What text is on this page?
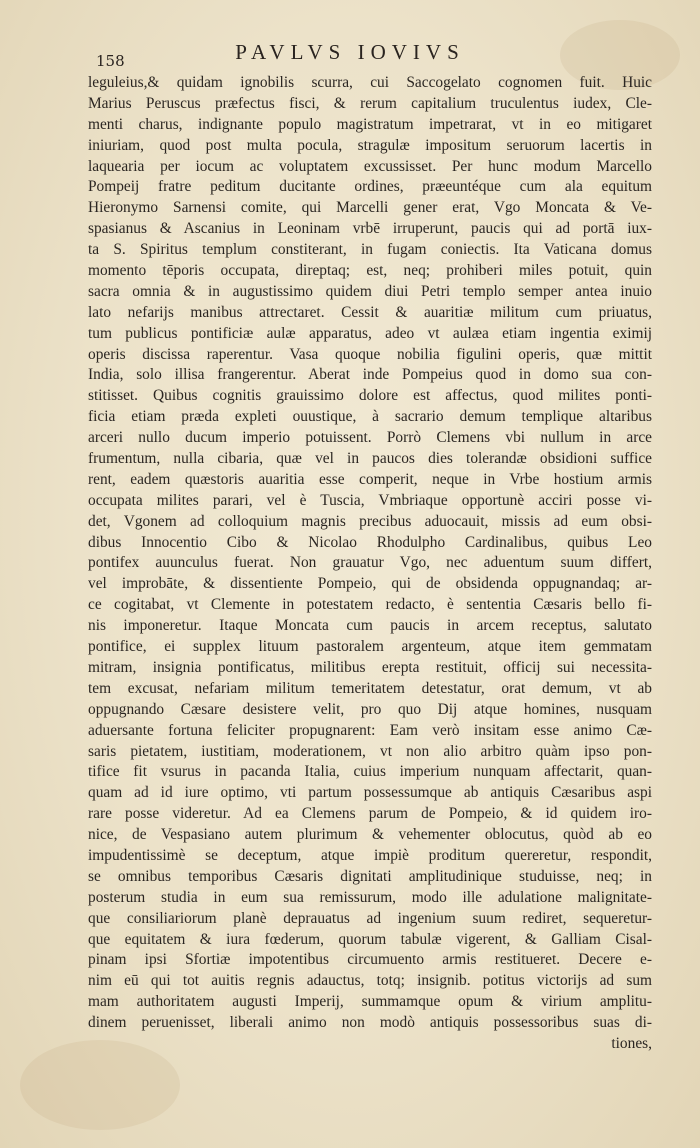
158	PAVLVS IOVIVS
leguleius,& quidam ignobilis scurra, cui Saccogelato cognomen fuit. Huic
Marius Peruscus præfectus fisci, & rerum capitalium truculentus iudex, Cle-
menti charus, indignante populo magistratum impetrarat, vt in eo mitigaret
iniuriam, quod post multa pocula, stragulæ impositum seruorum lacertis in
laquearia per iocum ac voluptatem excussisset. Per hunc modum Marcello
Pompeij fratre peditum ducitante ordines, præeuntéque cum ala equitum
Hieronymo Sarnensi comite, qui Marcelli gener erat, Vgo Moncata & Ve-
spasianus & Ascanius in Leoninam vrbē irruperunt, paucis qui ad portā iux-
ta S. Spiritus templum constiterant, in fugam coniectis. Ita Vaticana domus
momento tēporis occupata, direptaq; est, neq; prohiberi miles potuit, quin
sacra omnia & in augustissimo quidem diui Petri templo semper antea inuio
lato nefarijs manibus attrectaret. Cessit & auaritiæ militum cum priuatus,
tum publicus pontificiæ aulæ apparatus, adeo vt aulæa etiam ingentia eximij
operis discissa raperentur. Vasa quoque nobilia figulini operis, quæ mittit
India, solo illisa frangerentur. Aberat inde Pompeius quod in domo sua con-
stitisset. Quibus cognitis grauissimo dolore est affectus, quod milites ponti-
ficia etiam præda expleti ouustique, à sacrario demum templique altaribus
arceri nullo ducum imperio potuissent. Porrò Clemens vbi nullum in arce
frumentum, nulla cibaria, quæ vel in paucos dies tolerandæ obsidioni suffice
rent, eadem quæstoris auaritia esse comperit, neque in Vrbe hostium armis
occupata milites parari, vel è Tuscia, Vmbriaque opportunè acciri posse vi-
det, Vgonem ad colloquium magnis precibus aduocauit, missis ad eum obsi-
dibus Innocentio Cibo & Nicolao Rhodulpho Cardinalibus, quibus Leo
pontifex auunculus fuerat. Non grauatur Vgo, nec aduentum suum differt,
vel improbāte, & dissentiente Pompeio, qui de obsidenda oppugnandaq; ar-
ce cogitabat, vt Clemente in potestatem redacto, è sententia Cæsaris bello fi-
nis imponeretur. Itaque Moncata cum paucis in arcem receptus, salutato
pontifice, ei supplex lituum pastoralem argenteum, atque item gemmatam
mitram, insignia pontificatus, militibus erepta restituit, officij sui necessita-
tem excusat, nefariam militum temeritatem detestatur, orat demum, vt ab
oppugnando Cæsare desistere velit, pro quo Dij atque homines, nusquam
aduersante fortuna feliciter propugnarent: Eam verò insitam esse animo Cæ-
saris pietatem, iustitiam, moderationem, vt non alio arbitro quàm ipso pon-
tifice fit vsurus in pacanda Italia, cuius imperium nunquam affectarit, quan-
quam ad id iure optimo, vti partum possessumque ab antiquis Cæsaribus aspi
rare posse videretur. Ad ea Clemens parum de Pompeio, & id quidem iro-
nice, de Vespasiano autem plurimum & vehementer oblocutus, quòd ab eo
impudentissimè se deceptum, atque impiè proditum quereretur, respondit,
se omnibus temporibus Cæsaris dignitati amplitudinique studuisse, neq; in
posterum studia in eum sua remissurum, modo ille adulatione malignitate-
que consiliariorum planè deprauatus ad ingenium suum rediret, sequeretur-
que equitatem & iura fœderum, quorum tabulæ vigerent, & Galliam Cisal-
pinam ipsi Sfortiæ impotentibus circumuento armis restitueret. Decere e-
nim eū qui tot auitis regnis adauctus, totq; insignib. potitus victorijs ad sum
mam authoritatem augusti Imperij, summamque opum & virium amplitu-
dinem peruenisset, liberali animo non modò antiquis possessoribus suas di-
tiones,
